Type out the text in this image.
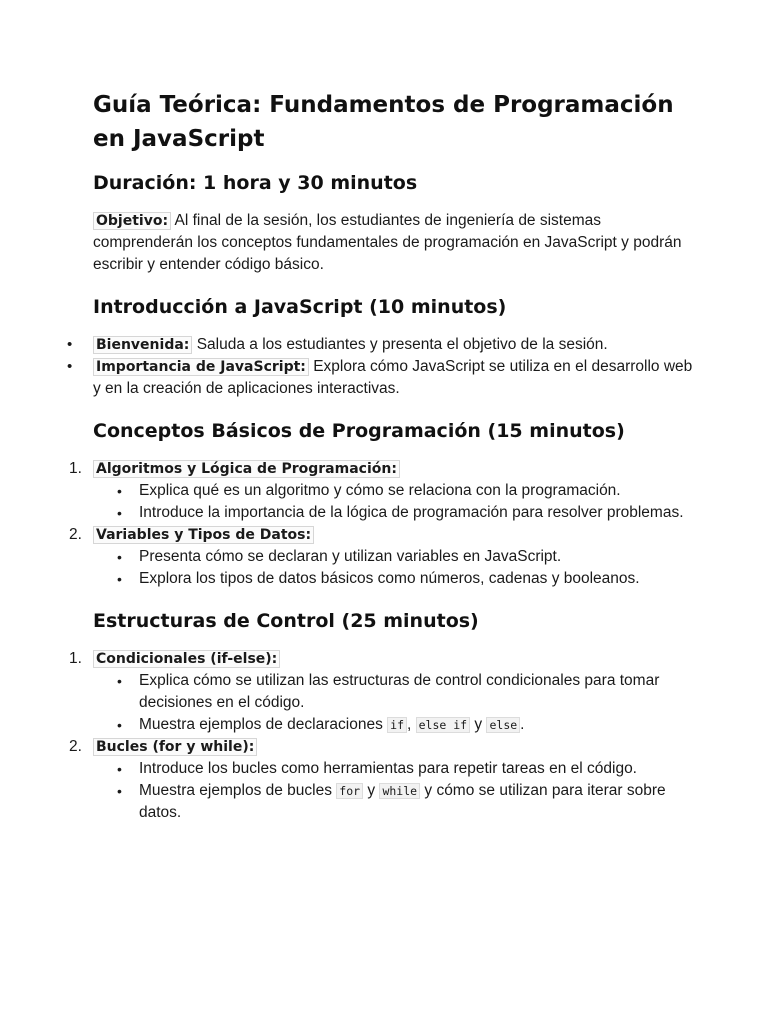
Guía Teórica: Fundamentos de Programación en JavaScript
Duración: 1 hora y 30 minutos

Objetivo: Al final de la sesión, los estudiantes de ingeniería de sistemas comprenderán los conceptos fundamentales de programación en JavaScript y podrán escribir y entender código básico.

Introducción a JavaScript (10 minutos)
• Bienvenida: Saluda a los estudiantes y presenta el objetivo de la sesión.
• Importancia de JavaScript: Explora cómo JavaScript se utiliza en el desarrollo web y en la creación de aplicaciones interactivas.
Conceptos Básicos de Programación (15 minutos)
1. Algoritmos y Lógica de Programación:
• Explica qué es un algoritmo y cómo se relaciona con la programación.
• Introduce la importancia de la lógica de programación para resolver problemas.
2. Variables y Tipos de Datos:
• Presenta cómo se declaran y utilizan variables en JavaScript.
• Explora los tipos de datos básicos como números, cadenas y booleanos.
Estructuras de Control (25 minutos)
1. Condicionales (if-else):
• Explica cómo se utilizan las estructuras de control condicionales para tomar decisiones en el código.
• Muestra ejemplos de declaraciones if , else if y else .
2. Bucles (for y while):
• Introduce los bucles como herramientas para repetir tareas en el código.
• Muestra ejemplos de bucles for y while y cómo se utilizan para iterar sobre datos.
